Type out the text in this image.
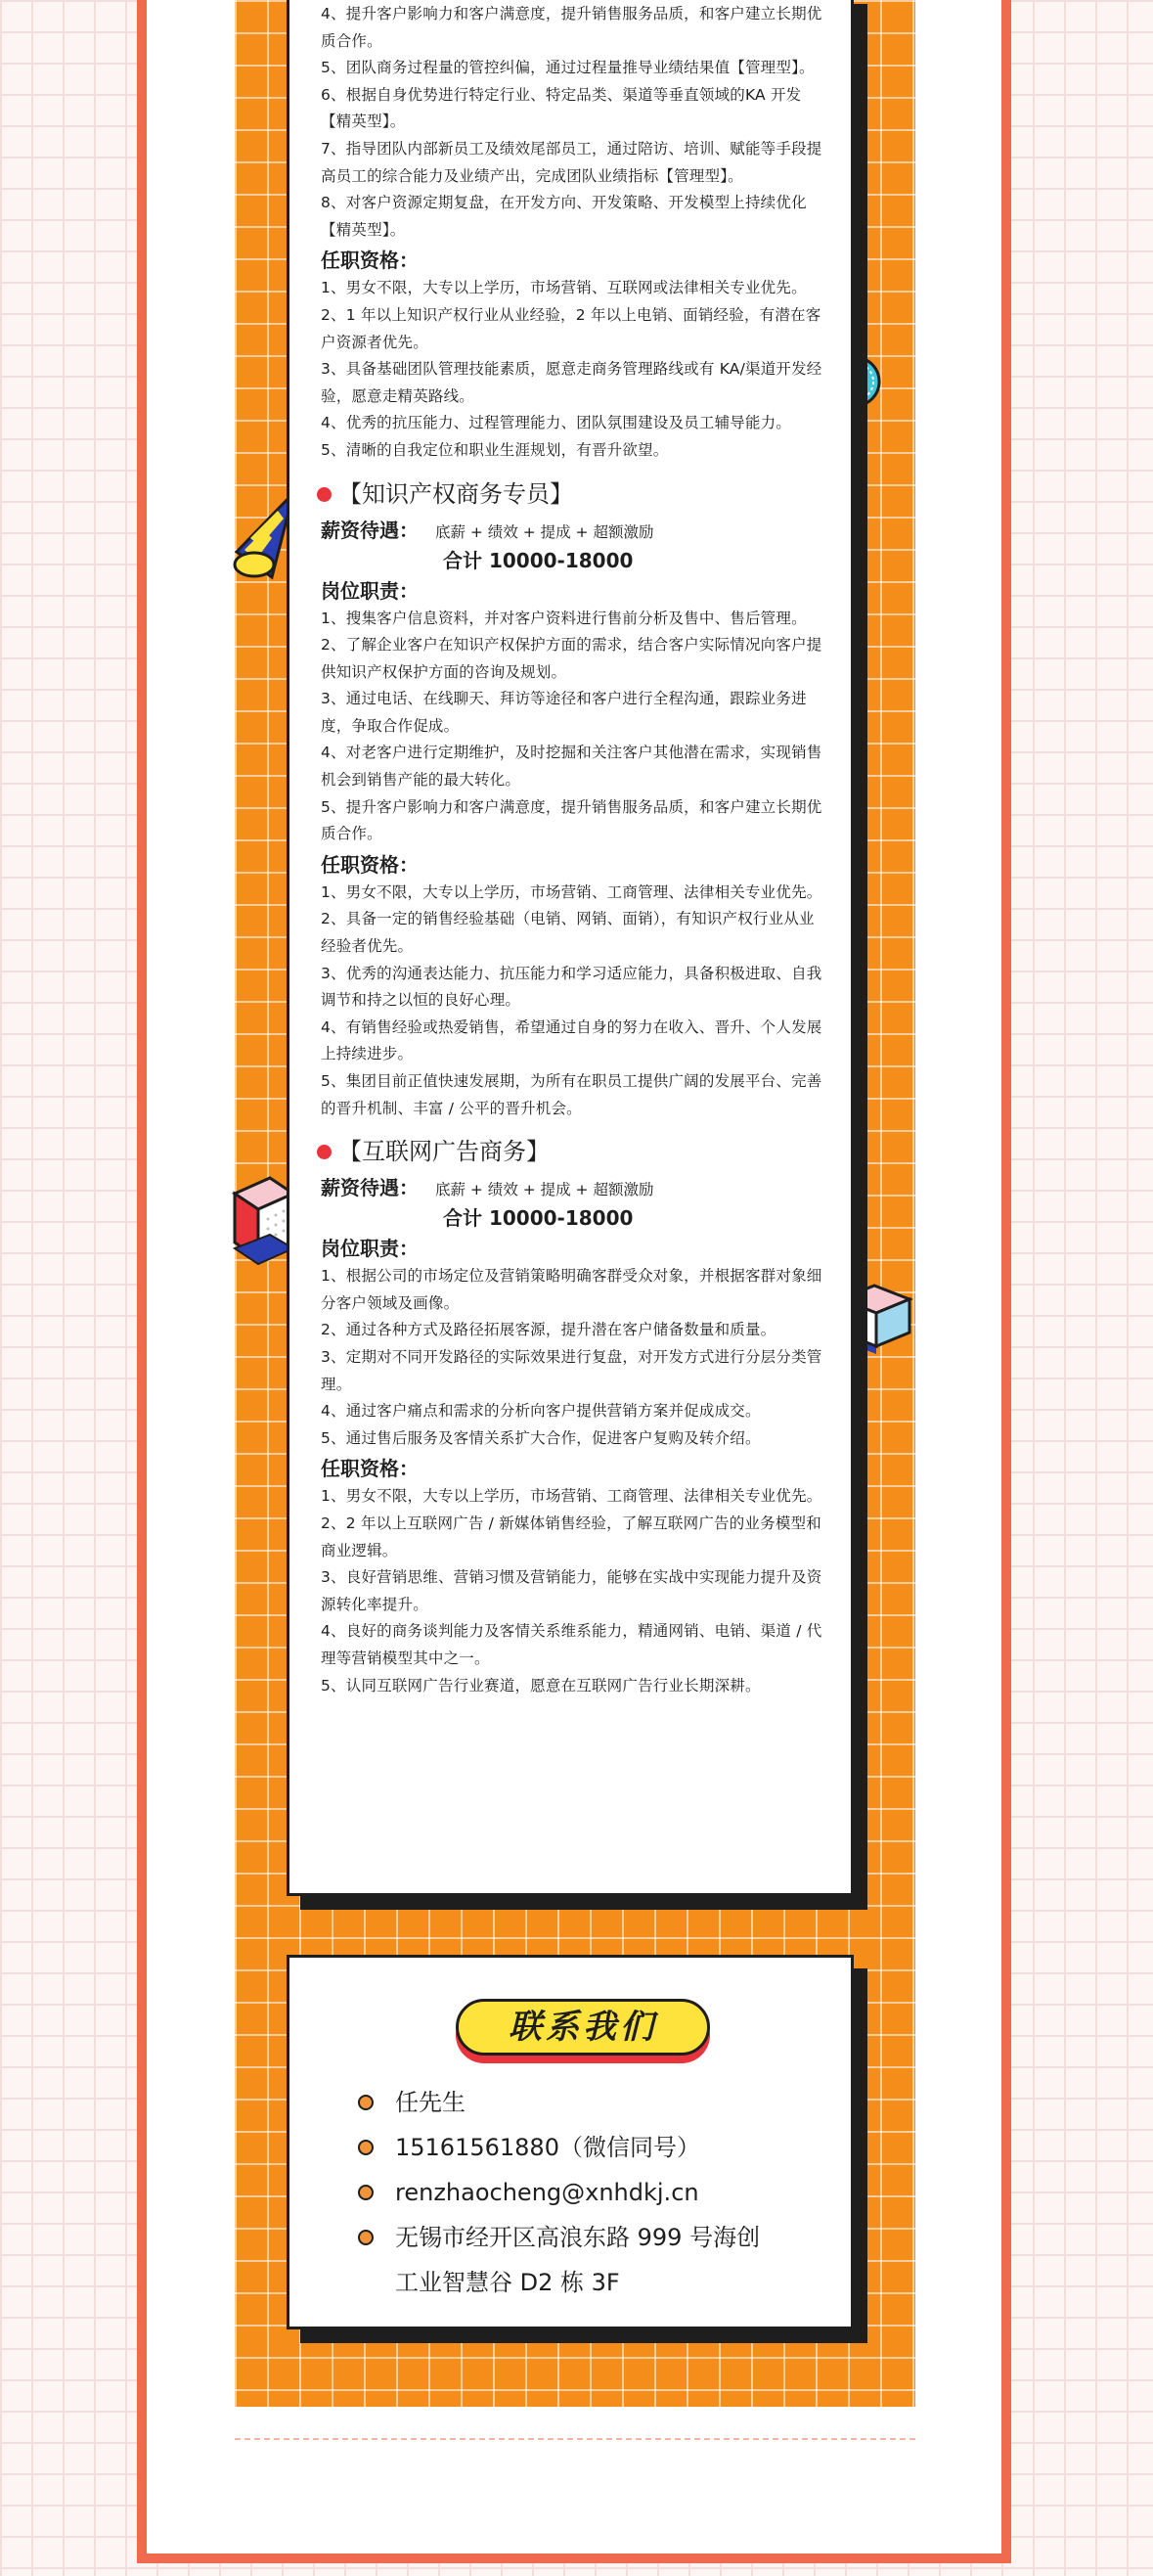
4、提升客户影响力和客户满意度，提升销售服务品质，和客户建立长期优质合作。

5、团队商务过程量的管控纠偏，通过过程量推导业绩结果值【管理型】。

6、根据自身优势进行特定行业、特定品类、渠道等垂直领域的KA 开发【精英型】。

7、指导团队内部新员工及绩效尾部员工，通过陪访、培训、赋能等手段提高员工的综合能力及业绩产出，完成团队业绩指标【管理型】。

8、对客户资源定期复盘，在开发方向、开发策略、开发模型上持续优化【精英型】。

任职资格：

1、男女不限，大专以上学历，市场营销、互联网或法律相关专业优先。

2、1 年以上知识产权行业从业经验，2 年以上电销、面销经验，有潜在客户资源者优先。

3、具备基础团队管理技能素质，愿意走商务管理路线或有 KA/渠道开发经验，愿意走精英路线。

4、优秀的抗压能力、过程管理能力、团队氛围建设及员工辅导能力。

5、清晰的自我定位和职业生涯规划，有晋升欲望。

【知识产权商务专员】
薪资待遇： 底薪 + 绩效 + 提成 + 超额激励
合计 10000-18000
岗位职责：

1、搜集客户信息资料，并对客户资料进行售前分析及售中、售后管理。

2、了解企业客户在知识产权保护方面的需求，结合客户实际情况向客户提供知识产权保护方面的咨询及规划。

3、通过电话、在线聊天、拜访等途径和客户进行全程沟通，跟踪业务进度，争取合作促成。

4、对老客户进行定期维护，及时挖掘和关注客户其他潜在需求，实现销售机会到销售产能的最大转化。

5、提升客户影响力和客户满意度，提升销售服务品质，和客户建立长期优质合作。

任职资格：

1、男女不限，大专以上学历，市场营销、工商管理、法律相关专业优先。

2、具备一定的销售经验基础（电销、网销、面销），有知识产权行业从业经验者优先。

3、优秀的沟通表达能力、抗压能力和学习适应能力，具备积极进取、自我调节和持之以恒的良好心理。

4、有销售经验或热爱销售，希望通过自身的努力在收入、晋升、个人发展上持续进步。

5、集团目前正值快速发展期，为所有在职员工提供广阔的发展平台、完善的晋升机制、丰富 / 公平的晋升机会。

【互联网广告商务】
薪资待遇： 底薪 + 绩效 + 提成 + 超额激励
合计 10000-18000
岗位职责：

1、根据公司的市场定位及营销策略明确客群受众对象，并根据客群对象细分客户领域及画像。

2、通过各种方式及路径拓展客源，提升潜在客户储备数量和质量。

3、定期对不同开发路径的实际效果进行复盘，对开发方式进行分层分类管理。

4、通过客户痛点和需求的分析向客户提供营销方案并促成成交。

5、通过售后服务及客情关系扩大合作，促进客户复购及转介绍。

任职资格：

1、男女不限，大专以上学历，市场营销、工商管理、法律相关专业优先。

2、2 年以上互联网广告 / 新媒体销售经验，了解互联网广告的业务模型和商业逻辑。

3、良好营销思维、营销习惯及营销能力，能够在实战中实现能力提升及资源转化率提升。

4、良好的商务谈判能力及客情关系维系能力，精通网销、电销、渠道 / 代理等营销模型其中之一。

5、认同互联网广告行业赛道，愿意在互联网广告行业长期深耕。

联系我们
任先生
15161561880（微信同号）
renzhaocheng@xnhdkj.cn
无锡市经开区高浪东路 999 号海创
工业智慧谷 D2 栋 3F
